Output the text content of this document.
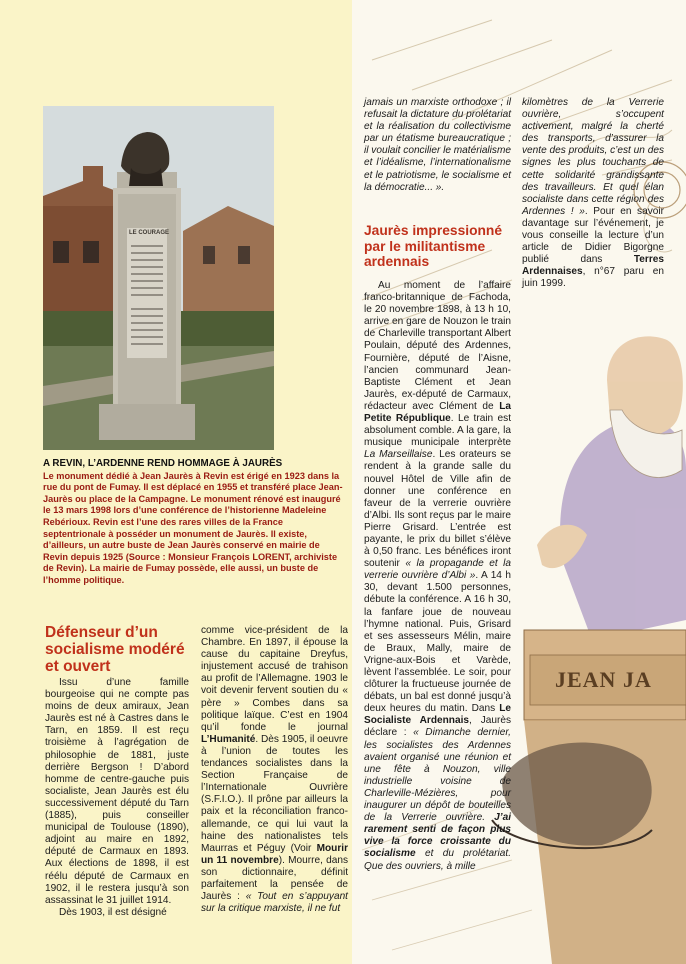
JEAN JA
LE COURAGE
A REVIN, L’ARDENNE REND HOMMAGE À JAURÈS
Le monument dédié à Jean Jaurès à Revin est érigé en 1923 dans la rue du pont de Fumay. Il est déplacé en 1955 et transféré place Jean-Jaurès ou place de la Campagne. Le monument rénové est inauguré le 13 mars 1998 lors d’une conférence de l’historienne Madeleine Rebérioux. Revin est l’une des rares villes de la France septentrionale à posséder un monument de Jaurès. Il existe, d’ailleurs, un autre buste de Jean Jaurès conservé en mairie de Revin depuis 1925 (Source : Monsieur François LORENT, archiviste de Revin). La mairie de Fumay possède, elle aussi, un buste de l’homme politique.
Défenseur d’un socialisme modéré et ouvert

Issu d’une famille bourgeoise qui ne compte pas moins de deux amiraux, Jean Jaurès est né à Castres dans le Tarn, en 1859. Il est reçu troisième à l’agrégation de philosophie de 1881, juste derrière Bergson ! D’abord homme de centre-gauche puis socialiste, Jean Jaurès est élu successivement député du Tarn (1885), puis conseiller municipal de Toulouse (1890), adjoint au maire en 1892, député de Carmaux en 1893. Aux élections de 1898, il est réélu député de Carmaux en 1902, il le restera jusqu’à son assassinat le 31 juillet 1914.

Dès 1903, il est désigné

comme vice-président de la Chambre. En 1897, il épouse la cause du capitaine Dreyfus, injustement accusé de trahison au profit de l’Allemagne. 1903 le voit devenir fervent soutien du « père » Combes dans sa politique laïque. C’est en 1904 qu’il fonde le journal L’Humanité. Dès 1905, il oeuvre à l’union de toutes les tendances socialistes dans la Section Française de l’Internationale Ouvrière (S.F.I.O.). Il prône par ailleurs la paix et la réconciliation franco-allemande, ce qui lui vaut la haine des nationalistes tels Maurras et Péguy (Voir Mourir un 11 novembre). Mourre, dans son dictionnaire, définit parfaitement la pensée de Jaurès : « Tout en s’appuyant sur la critique marxiste, il ne fut

jamais un marxiste orthodoxe ; il refusait la dictature du prolétariat et la réalisation du collectivisme par un étatisme bureaucratique ; il voulait concilier le matérialisme et l’idéalisme, l’internationalisme et le patriotisme, le socialisme et la démocratie... ».

Jaurès impressionné par le militantisme ardennais

Au moment de l’affaire franco-britannique de Fachoda, le 20 novembre 1898, à 13 h 10, arrive en gare de Nouzon le train de Charleville transportant Albert Poulain, député des Ardennes, Fournière, député de l’Aisne, l’ancien communard Jean-Baptiste Clément et Jean Jaurès, ex-député de Carmaux, rédacteur avec Clément de La Petite République. Le train est absolument comble. A la gare, la musique municipale interprète La Marseillaise. Les orateurs se rendent à la grande salle du nouvel Hôtel de Ville afin de donner une conférence en faveur de la verrerie ouvrière d’Albi. Ils sont reçus par le maire Pierre Grisard. L’entrée est payante, le prix du billet s’élève à 0,50 franc. Les bénéfices iront soutenir « la propagande et la verrerie ouvrière d’Albi ». A 14 h 30, devant 1.500 personnes, débute la conférence. A 16 h 30, la fanfare joue de nouveau l’hymne national. Puis, Grisard et ses assesseurs Mélin, maire de Braux, Mally, maire de Vrigne-aux-Bois et Varède, lèvent l’assemblée. Le soir, pour clôturer la fructueuse journée de débats, un bal est donné jusqu’à deux heures du matin. Dans Le Socialiste Ardennais, Jaurès déclare : « Dimanche dernier, les socialistes des Ardennes avaient organisé une réunion et une fête à Nouzon, ville industrielle voisine de Charleville-Mézières, pour inaugurer un dépôt de bouteilles de la Verrerie ouvrière. J’ai rarement senti de façon plus vive la force croissante du socialisme et du prolétariat. Que des ouvriers, à mille

kilomètres de la Verrerie ouvrière, s’occupent activement, malgré la cherté des transports, d’assurer la vente des produits, c’est un des signes les plus touchants de cette solidarité grandissante des travailleurs. Et quel élan socialiste dans cette région des Ardennes ! ». Pour en savoir davantage sur l’événement, je vous conseille la lecture d’un article de Didier Bigorgne publié dans Terres Ardennaises, n°67 paru en juin 1999.
